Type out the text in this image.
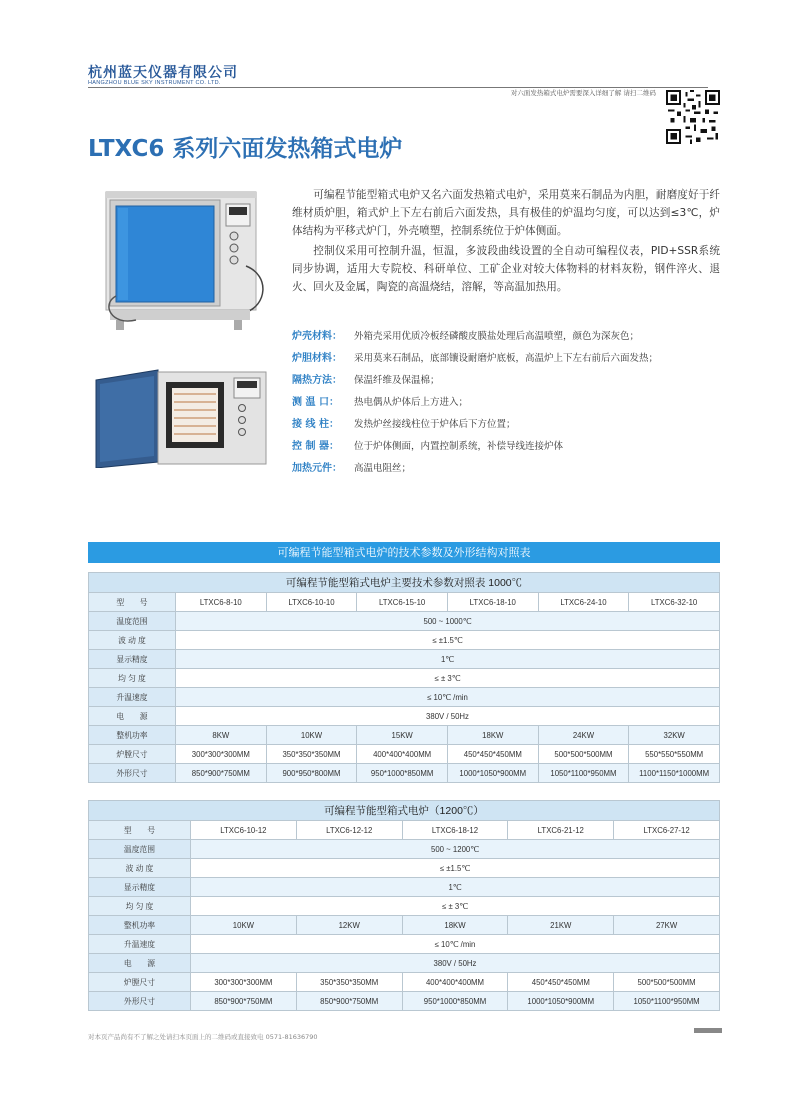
杭州蓝天仪器有限公司
HANGZHOU BLUE SKY INSTRUMENT CO. LTD.
对六面发热箱式电炉需要深入详细了解 请扫二维码
LTXC6 系列六面发热箱式电炉

可编程节能型箱式电炉又名六面发热箱式电炉，采用莫来石制品为内胆，耐磨度好于纤维材质炉胆，箱式炉上下左右前后六面发热，具有极佳的炉温均匀度，可以达到≤3℃，炉体结构为平移式炉门，外壳喷塑，控制系统位于炉体侧面。

控制仪采用可控制升温，恒温，多波段曲线设置的全自动可编程仪表，PID+SSR系统同步协调，适用大专院校、科研单位、工矿企业对较大体物料的材料灰粉，钢件淬火、退火、回火及金属，陶瓷的高温烧结，溶解，等高温加热用。

炉壳材料： 外箱壳采用优质冷板经磷酸皮膜盐处理后高温喷塑，颜色为深灰色；
炉胆材料： 采用莫来石制品，底部镶设耐磨炉底板，高温炉上下左右前后六面发热；
隔热方法： 保温纤维及保温棉；
测 温 口： 热电偶从炉体后上方进入；
接 线 柱： 发热炉丝接线柱位于炉体后下方位置；
控 制 器： 位于炉体侧面，内置控制系统，补偿导线连接炉体
加热元件： 高温电阻丝；
可编程节能型箱式电炉的技术参数及外形结构对照表
可编程节能型箱式电炉主要技术参数对照表 1000℃						
型　　号	LTXC6-8-10	LTXC6-10-10	LTXC6-15-10	LTXC6-18-10	LTXC6-24-10	LTXC6-32-10
温度范围	500 ~ 1000℃					
波 动 度	≤ ±1.5℃					
显示精度	1℃					
均 匀 度	≤ ± 3℃					
升温速度	≤ 10℃ /min					
电　　源	380V / 50Hz					
整机功率	8KW	10KW	15KW	18KW	24KW	32KW
炉膛尺寸	300*300*300MM	350*350*350MM	400*400*400MM	450*450*450MM	500*500*500MM	550*550*550MM
外形尺寸	850*900*750MM	900*950*800MM	950*1000*850MM	1000*1050*900MM	1050*1100*950MM	1100*1150*1000MM
可编程节能型箱式电炉（1200℃）					
型　　号	LTXC6-10-12	LTXC6-12-12	LTXC6-18-12	LTXC6-21-12	LTXC6-27-12
温度范围	500 ~ 1200℃				
波 动 度	≤ ±1.5℃				
显示精度	1℃				
均 匀 度	≤ ± 3℃				
整机功率	10KW	12KW	18KW	21KW	27KW
升温速度	≤ 10℃ /min				
电　　源	380V / 50Hz				
炉膛尺寸	300*300*300MM	350*350*350MM	400*400*400MM	450*450*450MM	500*500*500MM
外形尺寸	850*900*750MM	850*900*750MM	950*1000*850MM	1000*1050*900MM	1050*1100*950MM
对本页产品尚有不了解之处请扫本页面上的二维码或直接致电 0571-81636790
